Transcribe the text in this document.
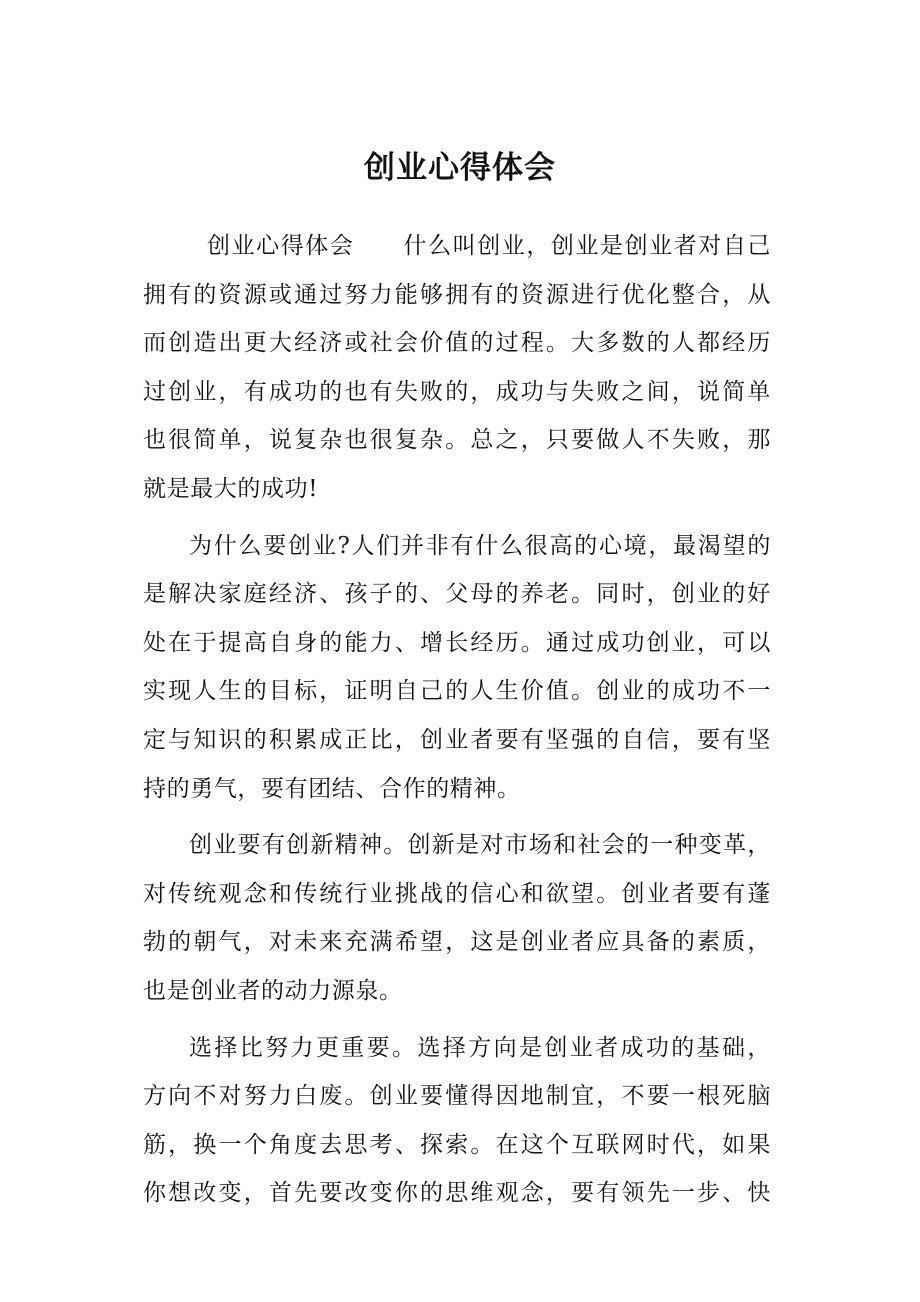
创业心得体会
创业心得体会　　什么叫创业，创业是创业者对自己
拥有的资源或通过努力能够拥有的资源进行优化整合，从
而创造出更大经济或社会价值的过程。大多数的人都经历
过创业，有成功的也有失败的，成功与失败之间，说简单
也很简单，说复杂也很复杂。总之，只要做人不失败，那
就是最大的成功!
为什么要创业?人们并非有什么很高的心境，最渴望的
是解决家庭经济、孩子的、父母的养老。同时，创业的好
处在于提高自身的能力、增长经历。通过成功创业，可以
实现人生的目标，证明自己的人生价值。创业的成功不一
定与知识的积累成正比，创业者要有坚强的自信，要有坚
持的勇气，要有团结、合作的精神。
创业要有创新精神。创新是对市场和社会的一种变革，
对传统观念和传统行业挑战的信心和欲望。创业者要有蓬
勃的朝气，对未来充满希望，这是创业者应具备的素质，
也是创业者的动力源泉。
选择比努力更重要。选择方向是创业者成功的基础，
方向不对努力白废。创业要懂得因地制宜，不要一根死脑
筋，换一个角度去思考、探索。在这个互联网时代，如果
你想改变，首先要改变你的思维观念，要有领先一步、快
